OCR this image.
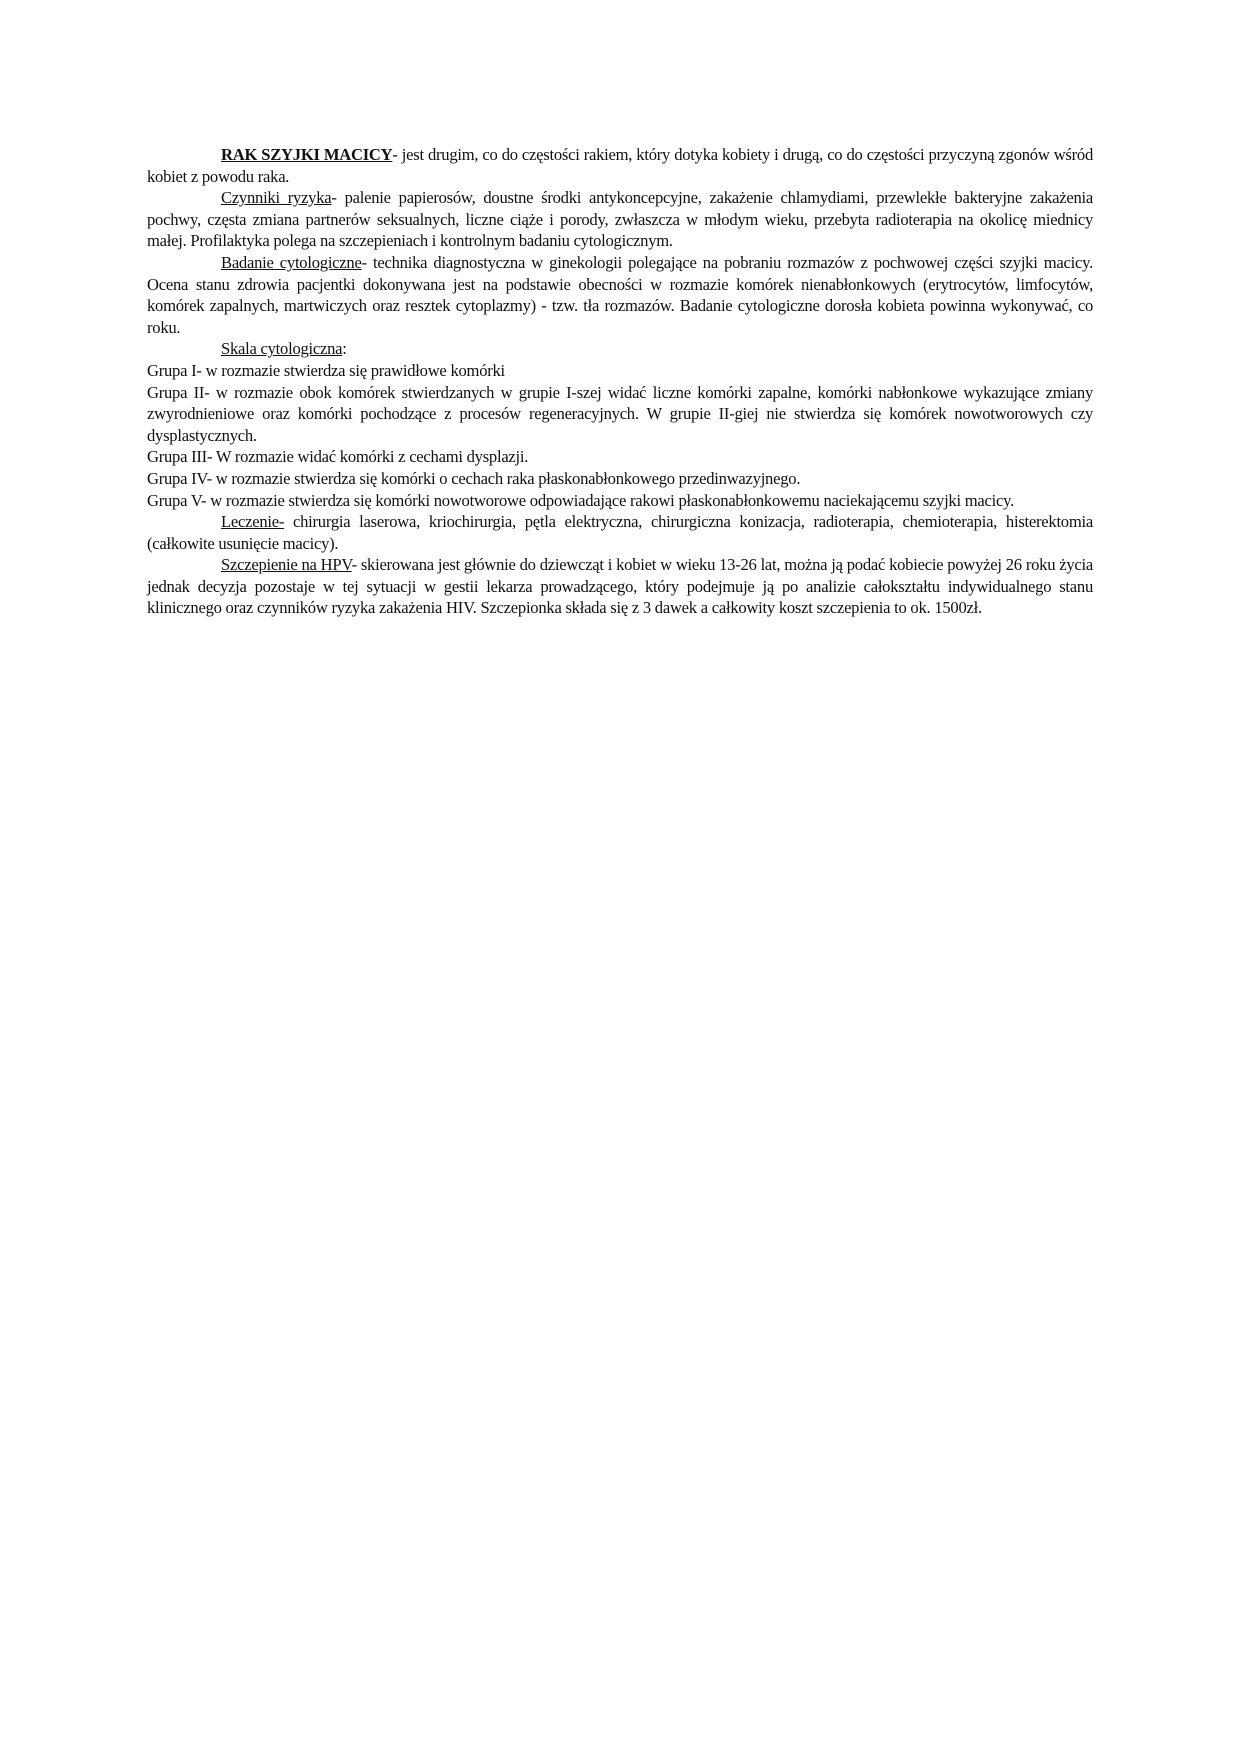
RAK SZYJKI MACICY- jest drugim, co do częstości rakiem, który dotyka kobiety i drugą, co do częstości przyczyną zgonów wśród kobiet z powodu raka.

Czynniki ryzyka- palenie papierosów, doustne środki antykoncepcyjne, zakażenie chlamydiami, przewlekłe bakteryjne zakażenia pochwy, częsta zmiana partnerów seksualnych, liczne ciąże i porody, zwłaszcza w młodym wieku, przebyta radioterapia na okolicę miednicy małej. Profilaktyka polega na szczepieniach i kontrolnym badaniu cytologicznym.

Badanie cytologiczne- technika diagnostyczna w ginekologii polegające na pobraniu rozmazów z pochwowej części szyjki macicy. Ocena stanu zdrowia pacjentki dokonywana jest na podstawie obecności w rozmazie komórek nienabłonkowych (erytrocytów, limfocytów, komórek zapalnych, martwiczych oraz resztek cytoplazmy) - tzw. tła rozmazów. Badanie cytologiczne dorosła kobieta powinna wykonywać, co roku.

Skala cytologiczna:

Grupa I- w rozmazie stwierdza się prawidłowe komórki

Grupa II- w rozmazie obok komórek stwierdzanych w grupie I-szej widać liczne komórki zapalne, komórki nabłonkowe wykazujące zmiany zwyrodnieniowe oraz komórki pochodzące z procesów regeneracyjnych. W grupie II-giej nie stwierdza się komórek nowotworowych czy dysplastycznych.

Grupa III- W rozmazie widać komórki z cechami dysplazji.

Grupa IV- w rozmazie stwierdza się komórki o cechach raka płaskonabłonkowego przedinwazyjnego.

Grupa V- w rozmazie stwierdza się komórki nowotworowe odpowiadające rakowi płaskonabłonkowemu naciekającemu szyjki macicy.

Leczenie- chirurgia laserowa, kriochirurgia, pętla elektryczna, chirurgiczna konizacja, radioterapia, chemioterapia, histerektomia (całkowite usunięcie macicy).

Szczepienie na HPV- skierowana jest głównie do dziewcząt i kobiet w wieku 13-26 lat, można ją podać kobiecie powyżej 26 roku życia jednak decyzja pozostaje w tej sytuacji w gestii lekarza prowadzącego, który podejmuje ją po analizie całokształtu indywidualnego stanu klinicznego oraz czynników ryzyka zakażenia HIV. Szczepionka składa się z 3 dawek a całkowity koszt szczepienia to ok. 1500zł.
